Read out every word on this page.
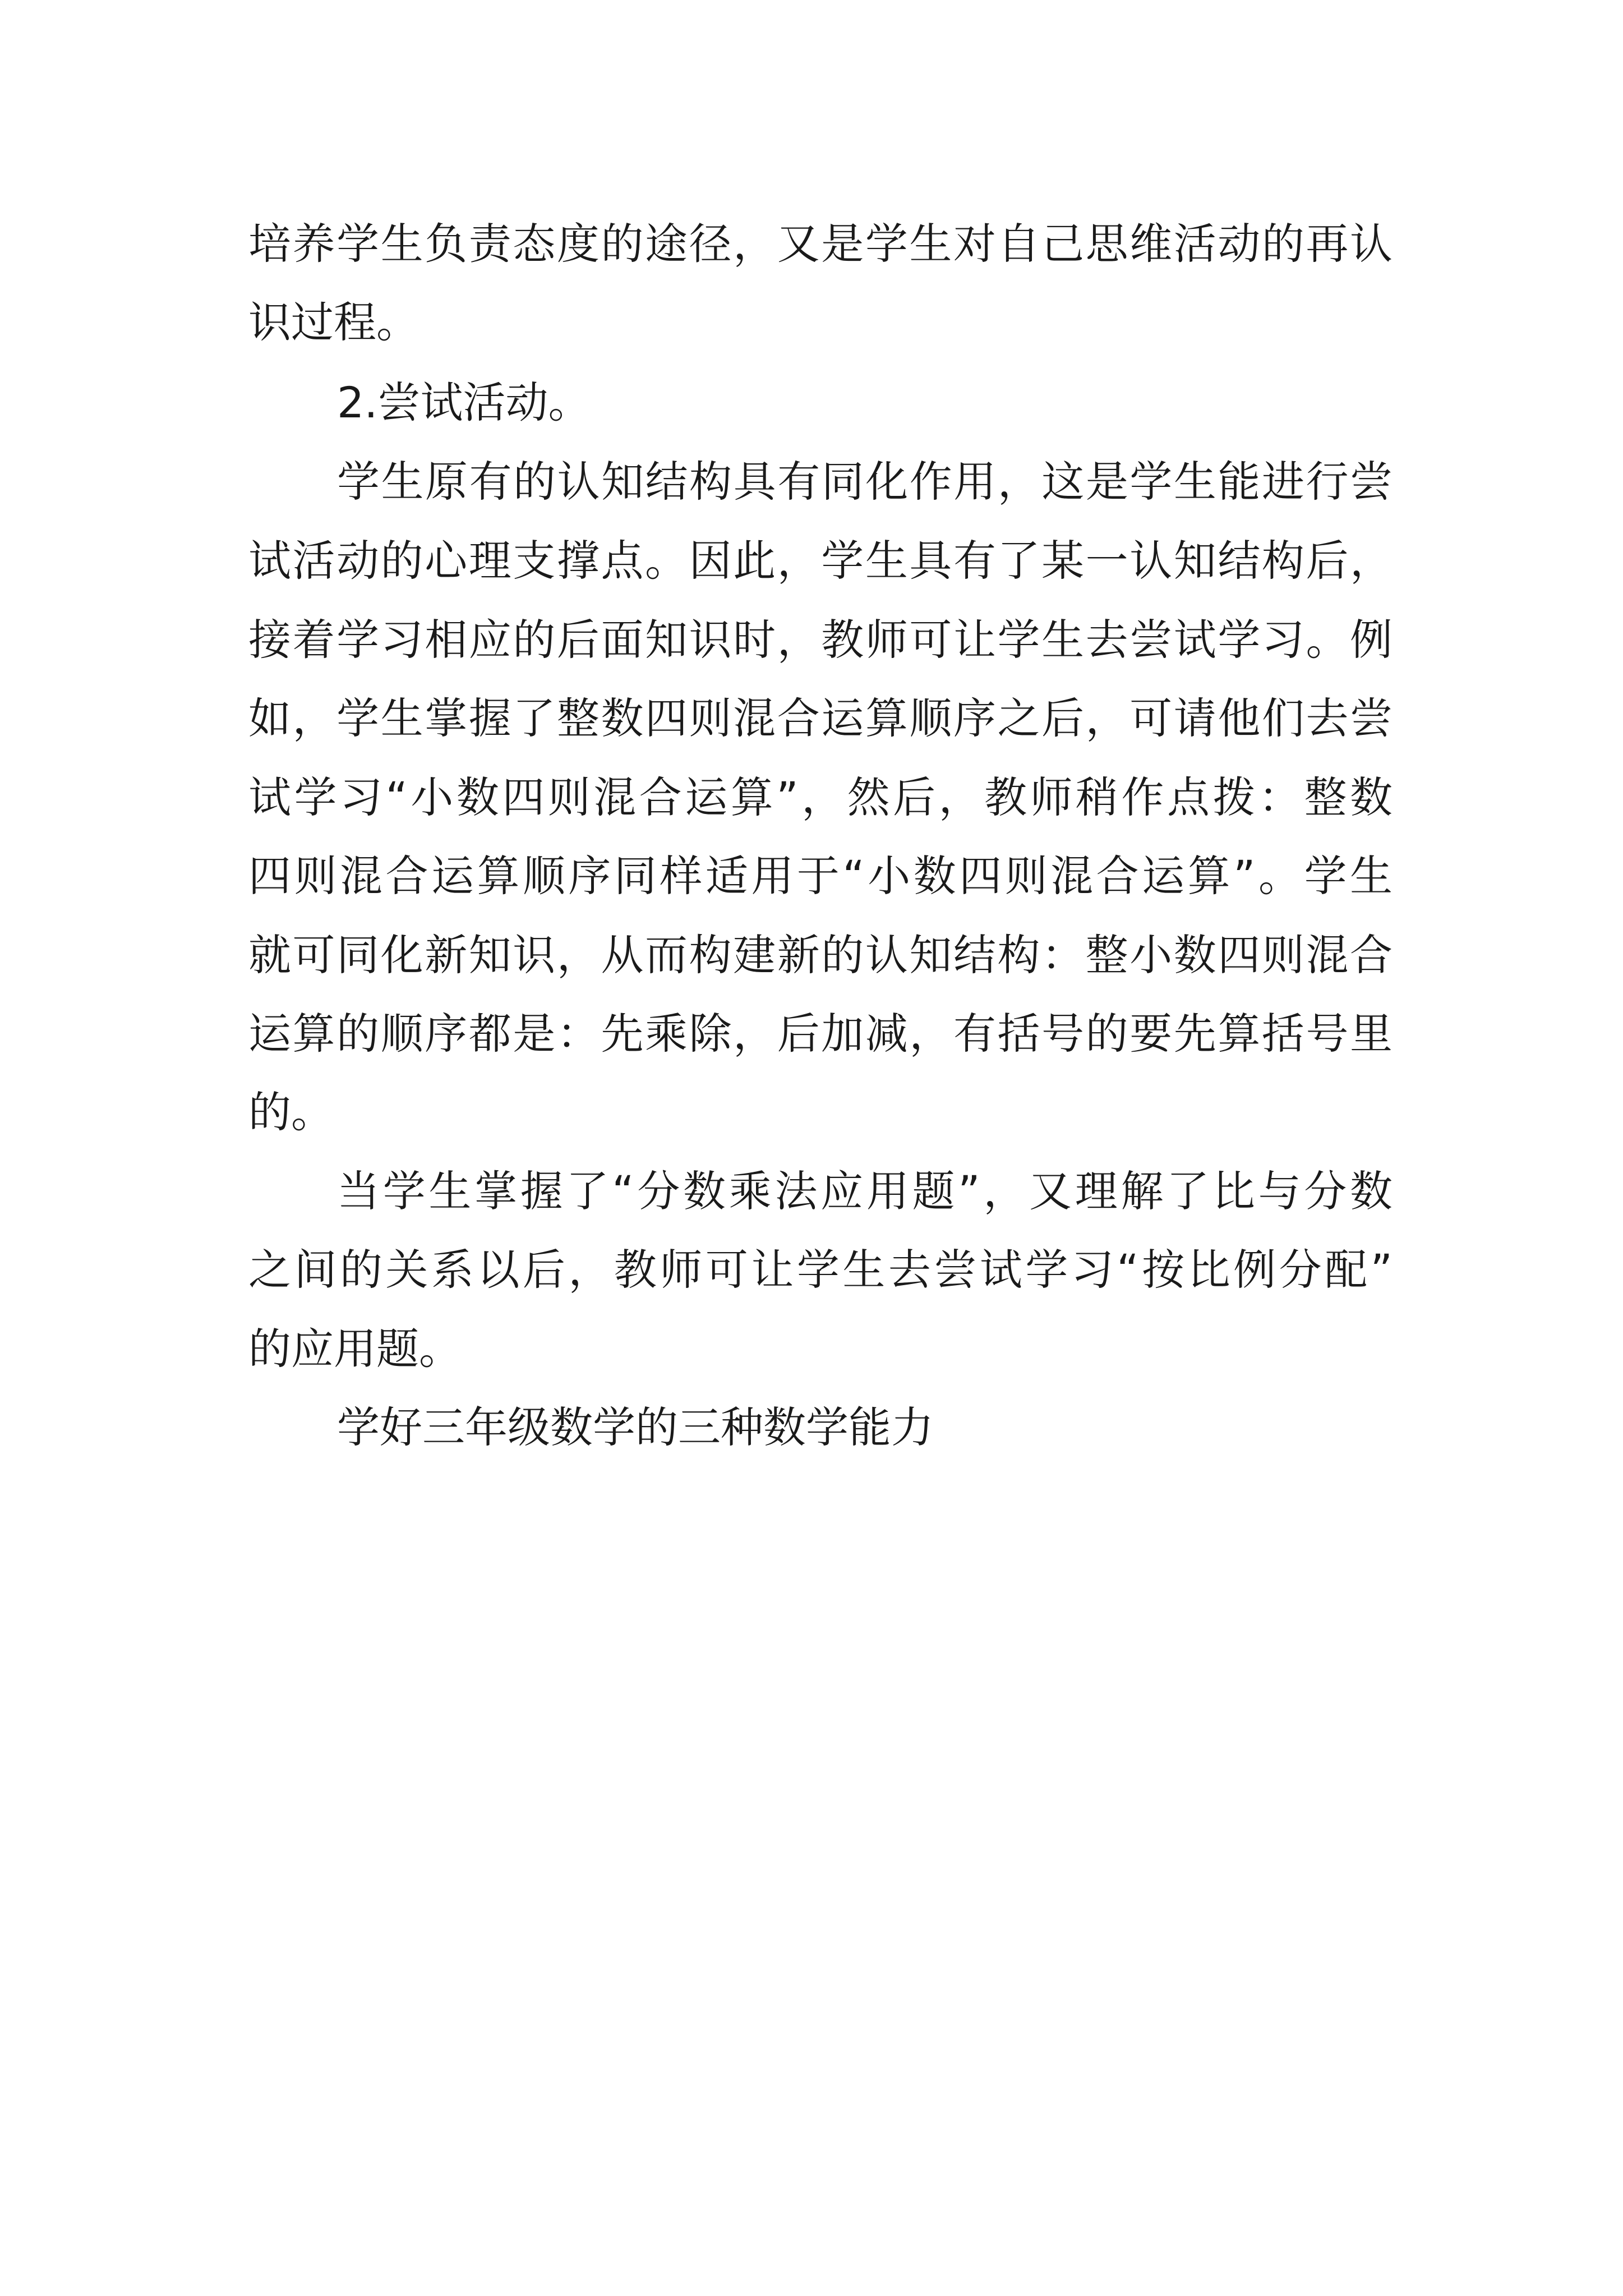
培养学生负责态度的途径，又是学生对自己思维活动的再认
识过程。
2.尝试活动。
学生原有的认知结构具有同化作用，这是学生能进行尝
试活动的心理支撑点。因此，学生具有了某一认知结构后，
接着学习相应的后面知识时，教师可让学生去尝试学习。例
如，学生掌握了整数四则混合运算顺序之后，可请他们去尝
试学习“小数四则混合运算”，然后，教师稍作点拨：整数
四则混合运算顺序同样适用于“小数四则混合运算”。学生
就可同化新知识，从而构建新的认知结构：整小数四则混合
运算的顺序都是：先乘除，后加减，有括号的要先算括号里
的。
当学生掌握了“分数乘法应用题”，又理解了比与分数
之间的关系以后，教师可让学生去尝试学习“按比例分配”
的应用题。
学好三年级数学的三种数学能力
